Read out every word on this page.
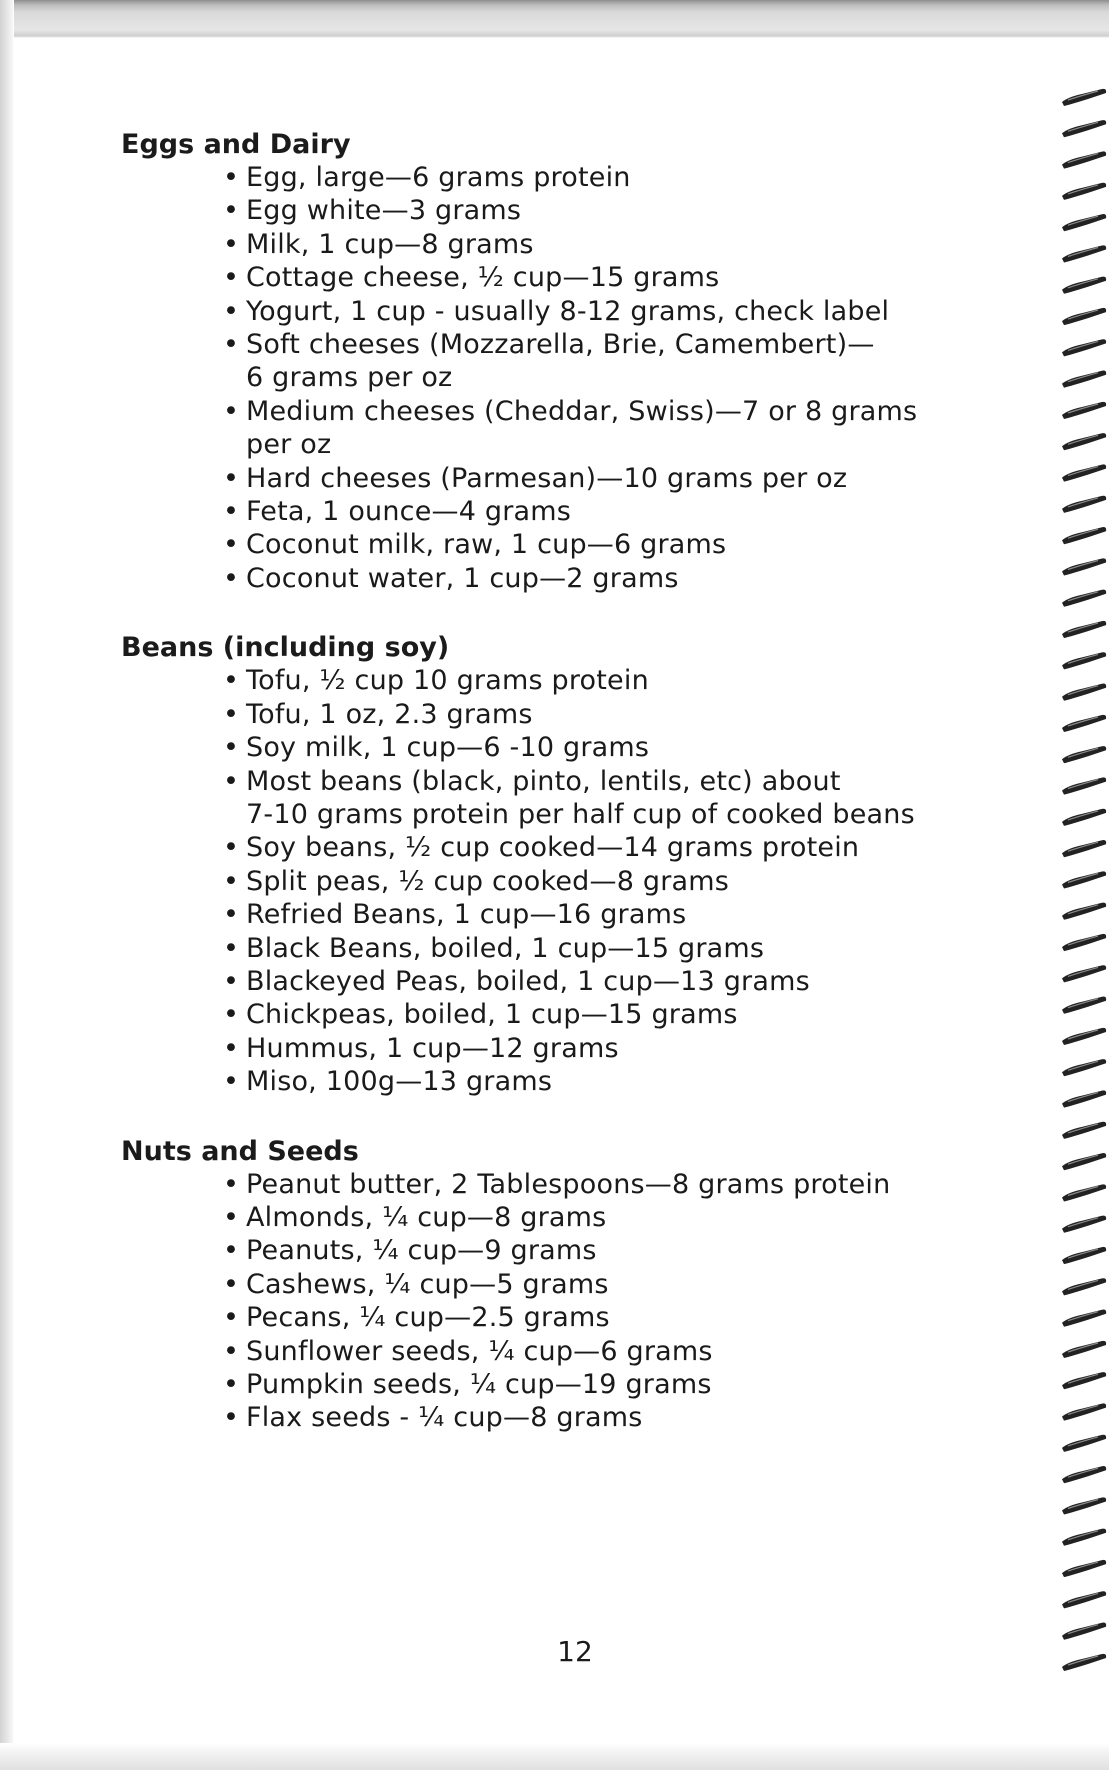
Eggs and Dairy
• Egg, large—6 grams protein
• Egg white—3 grams
• Milk, 1 cup—8 grams
• Cottage cheese, ½ cup—15 grams
• Yogurt, 1 cup - usually 8-12 grams, check label
• Soft cheeses (Mozzarella, Brie, Camembert)—
6 grams per oz
• Medium cheeses (Cheddar, Swiss)—7 or 8 grams
per oz
• Hard cheeses (Parmesan)—10 grams per oz
• Feta, 1 ounce—4 grams
• Coconut milk, raw, 1 cup—6 grams
• Coconut water, 1 cup—2 grams
Beans (including soy)
• Tofu, ½ cup 10 grams protein
• Tofu, 1 oz, 2.3 grams
• Soy milk, 1 cup—6 -10 grams
• Most beans (black, pinto, lentils, etc) about
7-10 grams protein per half cup of cooked beans
• Soy beans, ½ cup cooked—14 grams protein
• Split peas, ½ cup cooked—8 grams
• Refried Beans, 1 cup—16 grams
• Black Beans, boiled, 1 cup—15 grams
• Blackeyed Peas, boiled, 1 cup—13 grams
• Chickpeas, boiled, 1 cup—15 grams
• Hummus, 1 cup—12 grams
• Miso, 100g—13 grams
Nuts and Seeds
• Peanut butter, 2 Tablespoons—8 grams protein
• Almonds, ¼ cup—8 grams
• Peanuts, ¼ cup—9 grams
• Cashews, ¼ cup—5 grams
• Pecans, ¼ cup—2.5 grams
• Sunflower seeds, ¼ cup—6 grams
• Pumpkin seeds, ¼ cup—19 grams
• Flax seeds - ¼ cup—8 grams
12
